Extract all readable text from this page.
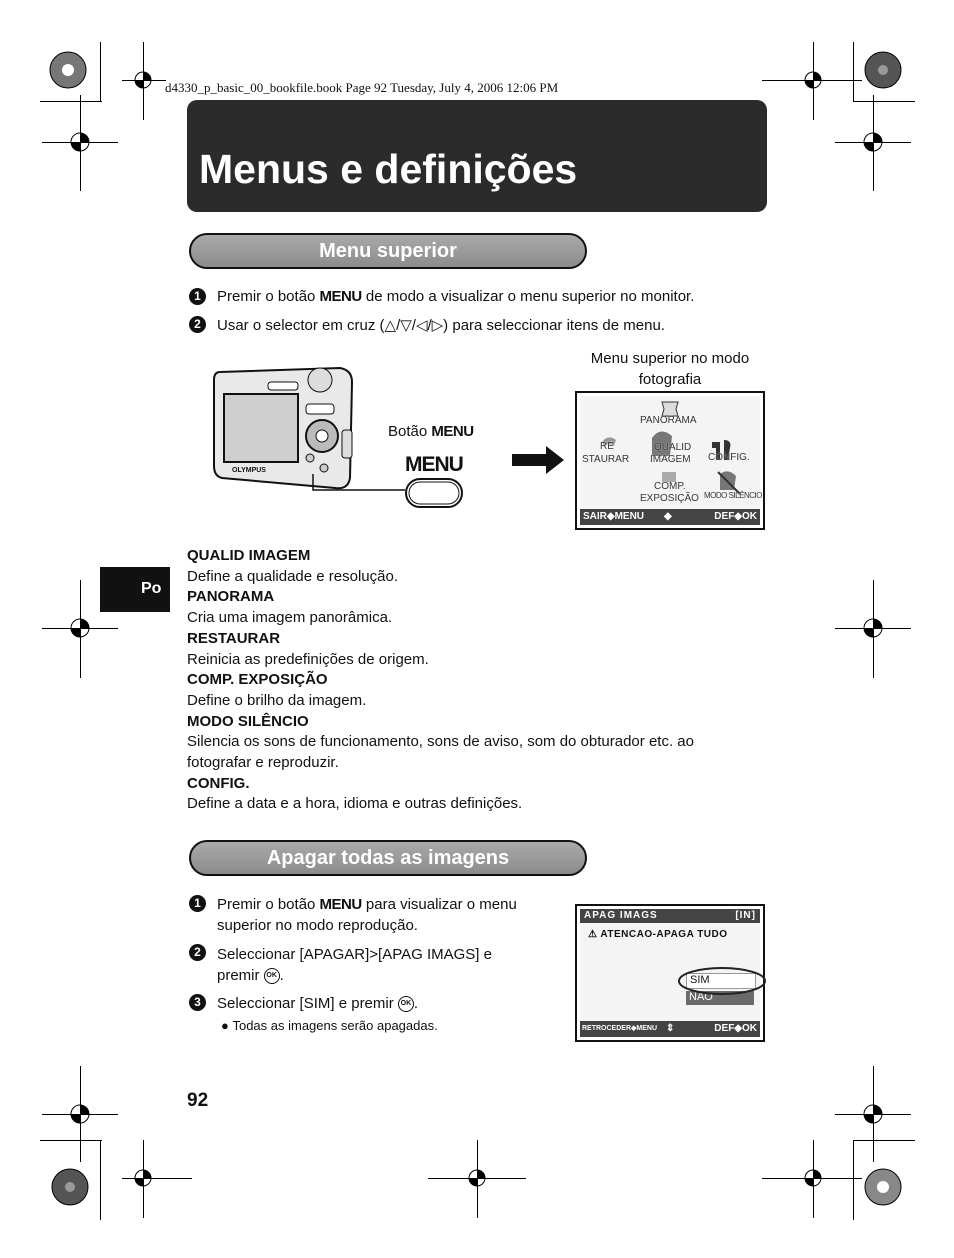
d4330_p_basic_00_bookfile.book Page 92 Tuesday, July 4, 2006 12:06 PM
Menus e definições
Po
Menu superior
1	Premir o botão MENU de modo a visualizar o menu superior no monitor.
2	Usar o selector em cruz (△/▽/◁/▷) para seleccionar itens de menu.
OLYMPUS
Botão MENU
MENU
Menu superior no modo
fotografia
PANORAMA
RE
STAURAR
QUALID
IMAGEM CONFIG.
COMP.
EXPOSIÇÃO MODO SILÊNCIO
SAIR◆MENU ◆	DEF◆OK
QUALID IMAGEM
Define a qualidade e resolução.
PANORAMA
Cria uma imagem panorâmica.
RESTAURAR
Reinicia as predefinições de origem.
COMP. EXPOSIÇÃO
Define o brilho da imagem.
MODO SILÊNCIO
Silencia os sons de funcionamento, sons de aviso, som do obturador etc. ao fotografar e reproduzir.
CONFIG.
Define a data e a hora, idioma e outras definições.
Apagar todas as imagens
1	Premir o botão MENU para visualizar o menu superior no modo reprodução.
2	Seleccionar [APAGAR]>[APAG IMAGS] e
premir OK .
3	Seleccionar [SIM] e premir OK .
● Todas as imagens serão apagadas.
APAG IMAGS	[IN]
⚠ ATENCAO-APAGA TUDO
SIM
NAO
RETROCEDER◆MENU ⇕	DEF◆OK
92
